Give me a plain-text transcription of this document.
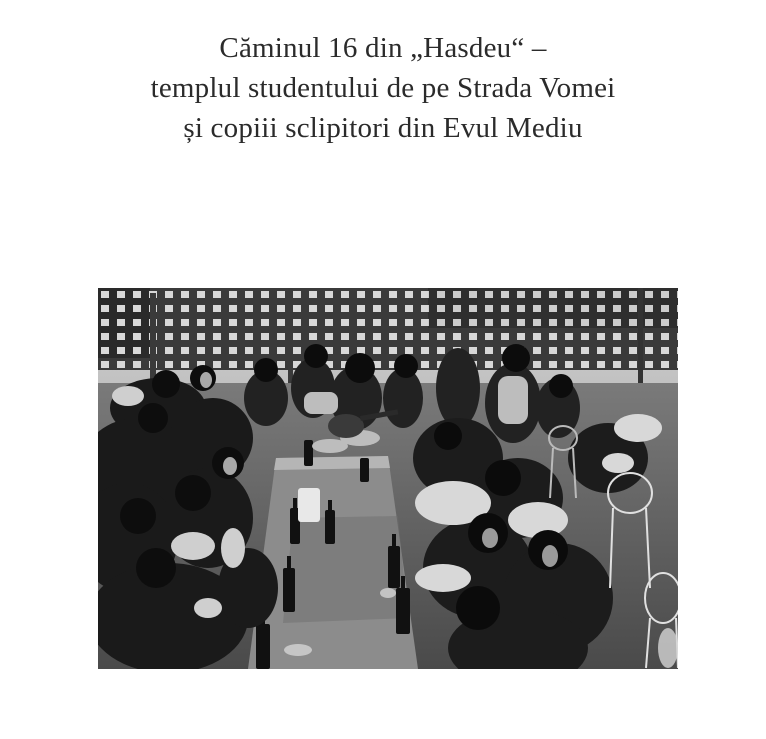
Căminul 16 din „Hasdeu“ –
templul studentului de pe Strada Vomei
și copiii sclipitori din Evul Mediu
